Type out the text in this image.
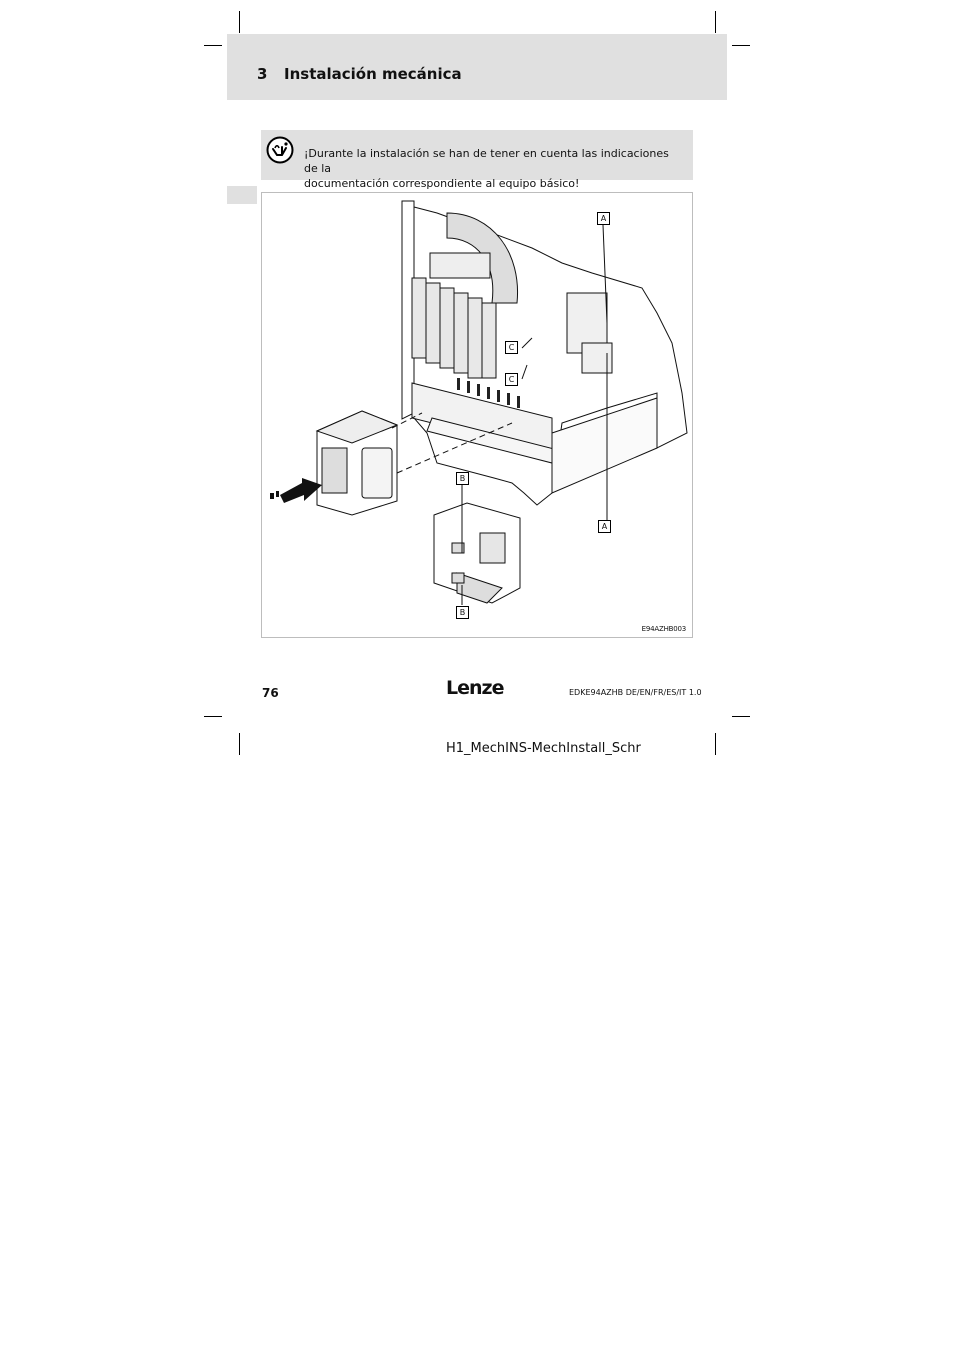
3 Instalación mecánica
¡Durante la instalación se han de tener en cuenta las indicaciones de la
documentación correspondiente al equipo básico!
A
C
C
B
A
B
E94AZHB003
76	Lenze	EDKE94AZHB DE/EN/FR/ES/IT 1.0
H1_MechINS-MechInstall_Schr
